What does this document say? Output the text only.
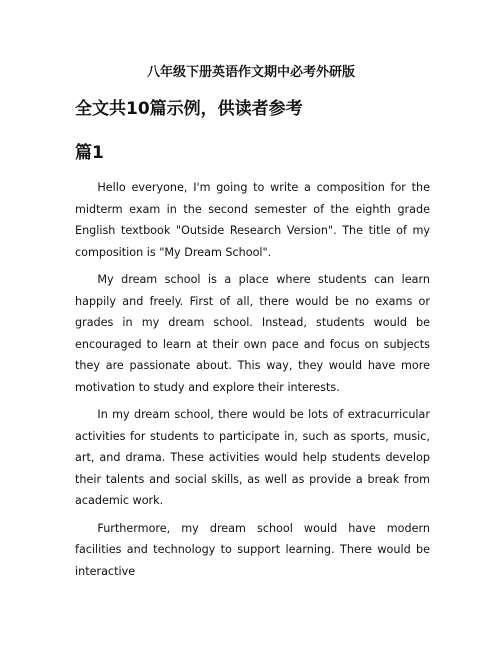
八年级下册英语作文期中必考外研版
全文共10篇示例，供读者参考
篇1

Hello everyone, I'm going to write a composition for the midterm exam in the second semester of the eighth grade English textbook "Outside Research Version". The title of my composition is "My Dream School".

My dream school is a place where students can learn happily and freely. First of all, there would be no exams or grades in my dream school. Instead, students would be encouraged to learn at their own pace and focus on subjects they are passionate about. This way, they would have more motivation to study and explore their interests.

In my dream school, there would be lots of extracurricular activities for students to participate in, such as sports, music, art, and drama. These activities would help students develop their talents and social skills, as well as provide a break from academic work.

Furthermore, my dream school would have modern facilities and technology to support learning. There would be interactive
